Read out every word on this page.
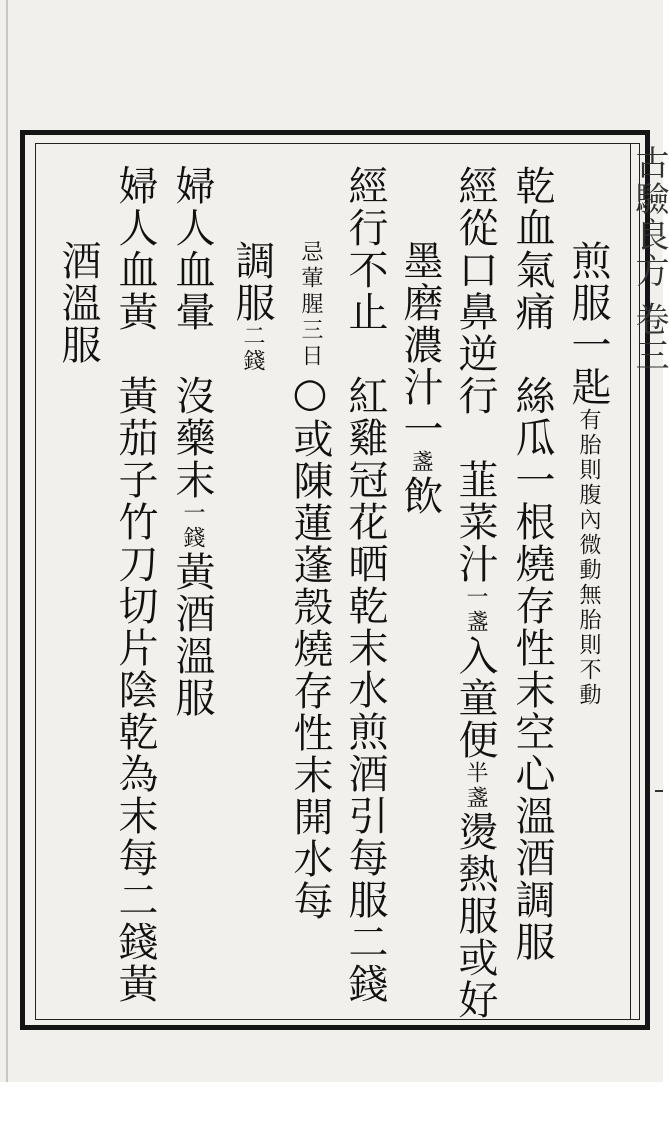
古驗良方 卷三
煎服一匙有胎則腹內微動無胎則不動
乾血氣痛　絲瓜一根燒存性末空心溫酒調服
經從口鼻逆行　韮菜汁一盞入童便半盞燙熱服或好
墨磨濃汁一盞飲
經行不止　紅雞冠花晒乾末水煎酒引每服二錢
忌葷腥三日○或陳蓮蓬殼燒存性末開水每
調服二錢
婦人血暈　沒藥末一錢黃酒溫服
婦人血黃　黃茄子竹刀切片陰乾為末每二錢黃
酒溫服
